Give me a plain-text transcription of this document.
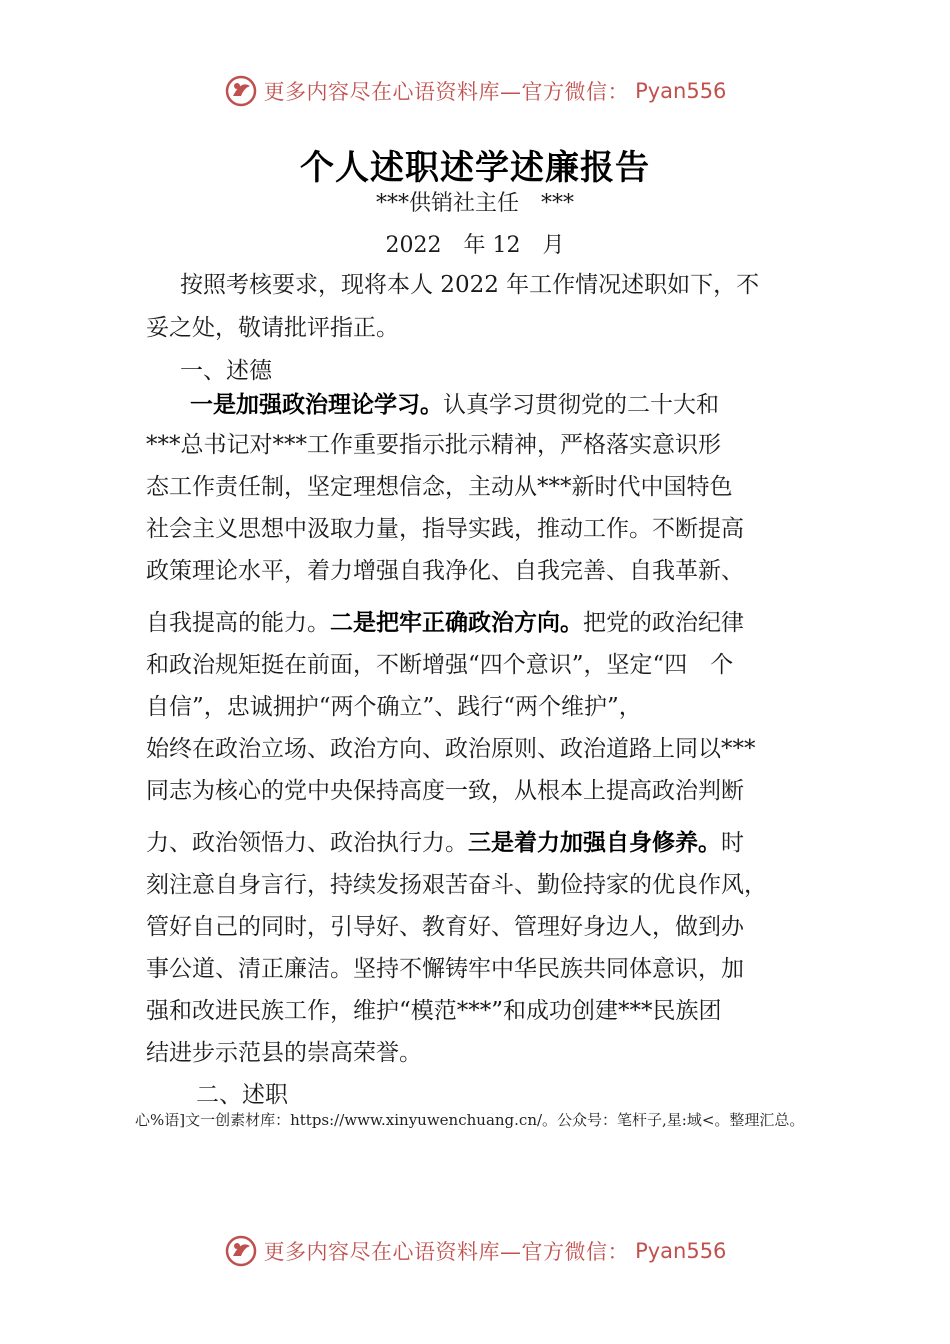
更多内容尽在心语资料库—官方微信： Pyan556
个人述职述学述廉报告
***供销社主任　***
2022　年 12　月
按照考核要求，现将本人 2022 年工作情况述职如下，不
妥之处，敬请批评指正。
一、述德
一是加强政治理论学习。认真学习贯彻党的二十大和
***总书记对***工作重要指示批示精神，严格落实意识形
态工作责任制，坚定理想信念，主动从***新时代中国特色
社会主义思想中汲取力量，指导实践，推动工作。不断提高
政策理论水平，着力增强自我净化、自我完善、自我革新、
自我提高的能力。二是把牢正确政治方向。把党的政治纪律
和政治规矩挺在前面，不断增强“四个意识”，坚定“四　个
自信”，忠诚拥护“两个确立”、践行“两个维护”，
始终在政治立场、政治方向、政治原则、政治道路上同以***
同志为核心的党中央保持高度一致，从根本上提高政治判断
力、政治领悟力、政治执行力。三是着力加强自身修养。时
刻注意自身言行，持续发扬艰苦奋斗、勤俭持家的优良作风，
管好自己的同时，引导好、教育好、管理好身边人，做到办
事公道、清正廉洁。坚持不懈铸牢中华民族共同体意识，加
强和改进民族工作，维护“模范***”和成功创建***民族团
结进步示范县的崇高荣誉。
二、述职
心%语]文一创素材库：https://www.xinyuwenchuang.cn/。公众号：笔杆子,星:域<。整理汇总。
更多内容尽在心语资料库—官方微信： Pyan556
